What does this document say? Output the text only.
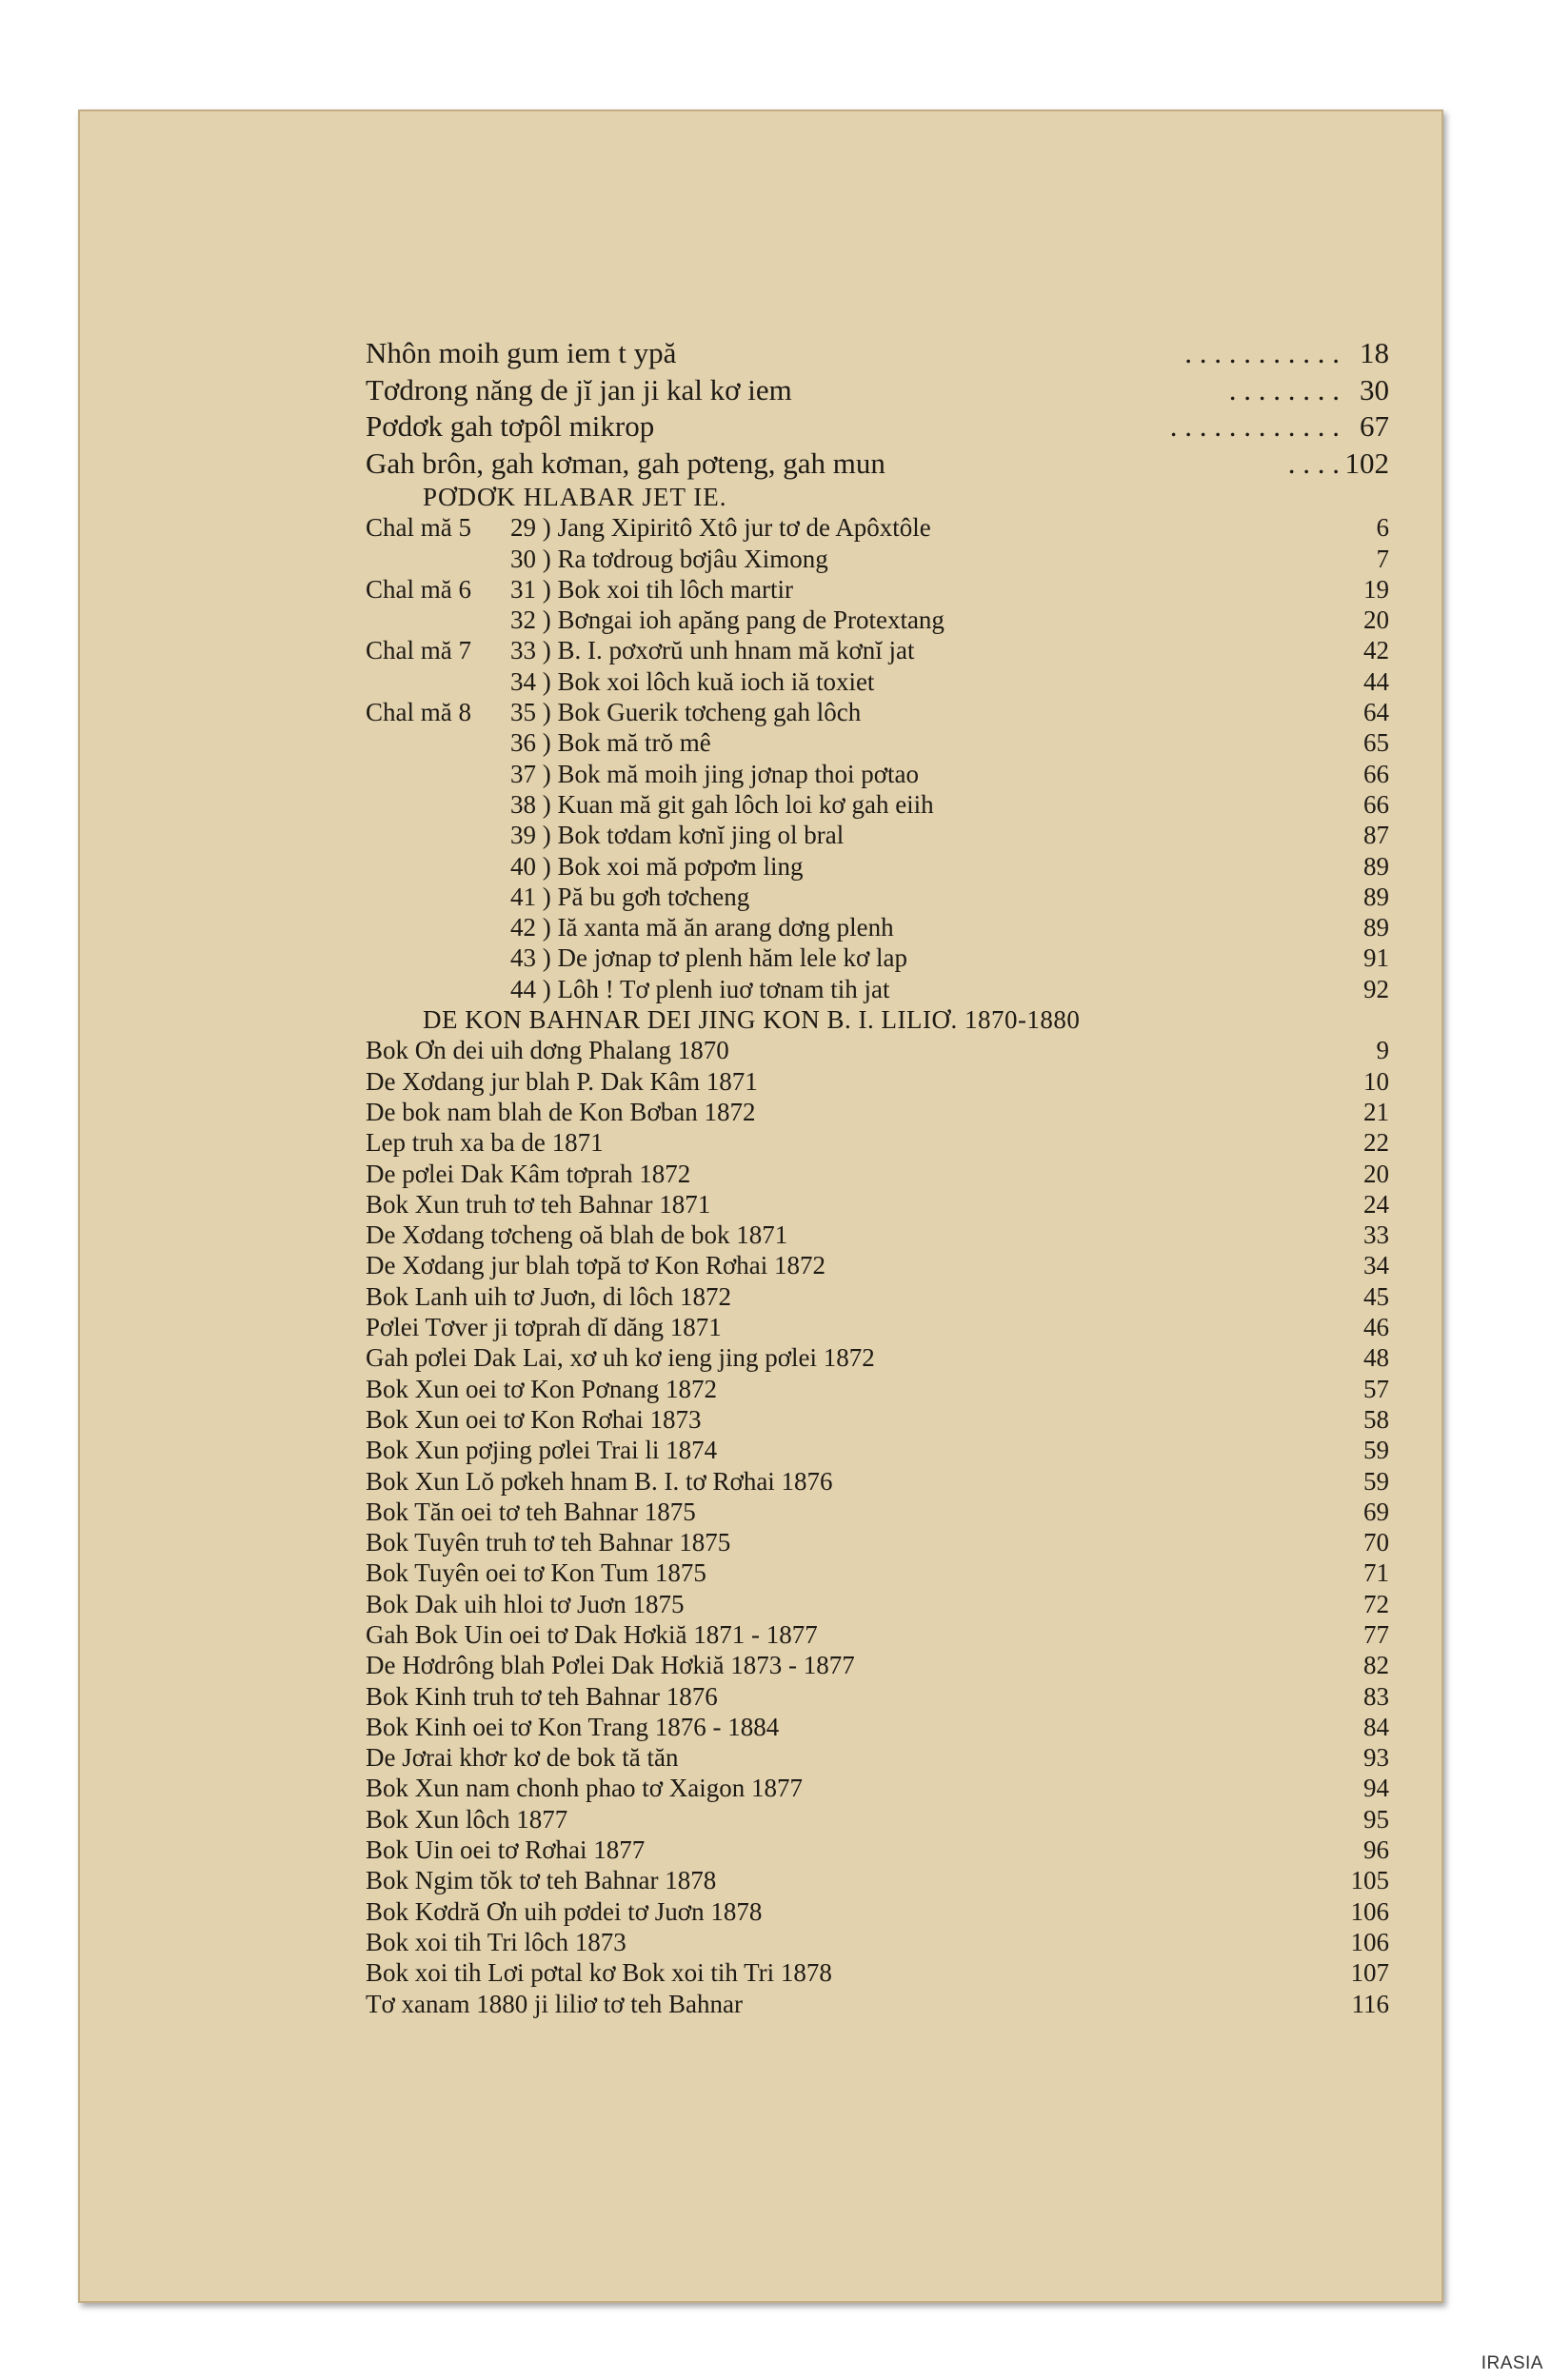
Nhôn moih gum iem t ypă	. . . . . . . . . . . 18
Tơdrong năng de jĭ jan ji kal kơ iem	. . . . . . . . 30
Pơdơk gah tơpôl mikrop	. . . . . . . . . . . . 67
Gah brôn, gah kơman, gah pơteng, gah mun	. . . . 102
PƠDƠK HLABAR JET IE.
Chal mă 5 29 ) Jang Xipiritô Xtô jur tơ de Apôxtôle	6
30 ) Ra tơdroug bơjâu Ximong	7
Chal mă 6 31 ) Bok xoi tih lôch martir	19
32 ) Bơngai ioh apăng pang de Protextang	20
Chal mă 7 33 ) B. I. pơxơrŭ unh hnam mă kơnĭ jat	42
34 ) Bok xoi lôch kuă ioch iă toxiet	44
Chal mă 8 35 ) Bok Guerik tơcheng gah lôch	64
36 ) Bok mă trŏ mê	65
37 ) Bok mă moih jing jơnap thoi pơtao	66
38 ) Kuan mă git gah lôch loi kơ gah eiih	66
39 ) Bok tơdam kơnĭ jing ol bral	87
40 ) Bok xoi mă pơpơm ling	89
41 ) Pă bu gơh tơcheng	89
42 ) Iă xanta mă ăn arang dơng plenh	89
43 ) De jơnap tơ plenh hăm lele kơ lap	91
44 ) Lôh ! Tơ plenh iuơ tơnam tih jat	92
DE KON BAHNAR DEI JING KON B. I. LILIƠ. 1870-1880
Bok Ơn dei uih dơng Phalang 1870	9
De Xơdang jur blah P. Dak Kâm 1871	10
De bok nam blah de Kon Bơban 1872	21
Lep truh xa ba de 1871	22
De pơlei Dak Kâm tơprah 1872	20
Bok Xun truh tơ teh Bahnar 1871	24
De Xơdang tơcheng oă blah de bok 1871	33
De Xơdang jur blah tơpă tơ Kon Rơhai 1872	34
Bok Lanh uih tơ Juơn, di lôch 1872	45
Pơlei Tơver ji tơprah dĭ dăng 1871	46
Gah pơlei Dak Lai, xơ uh kơ ieng jing pơlei 1872	48
Bok Xun oei tơ Kon Pơnang 1872	57
Bok Xun oei tơ Kon Rơhai 1873	58
Bok Xun pơjing pơlei Trai li 1874	59
Bok Xun Lŏ pơkeh hnam B. I. tơ Rơhai 1876	59
Bok Tăn oei tơ teh Bahnar 1875	69
Bok Tuyên truh tơ teh Bahnar 1875	70
Bok Tuyên oei tơ Kon Tum 1875	71
Bok Dak uih hloi tơ Juơn 1875	72
Gah Bok Uin oei tơ Dak Hơkiă 1871 - 1877	77
De Hơdrông blah Pơlei Dak Hơkiă 1873 - 1877	82
Bok Kinh truh tơ teh Bahnar 1876	83
Bok Kinh oei tơ Kon Trang 1876 - 1884	84
De Jơrai khơr kơ de bok tă tăn	93
Bok Xun nam chonh phao tơ Xaigon 1877	94
Bok Xun lôch 1877	95
Bok Uin oei tơ Rơhai 1877	96
Bok Ngim tŏk tơ teh Bahnar 1878	105
Bok Kơdră Ơn uih pơdei tơ Juơn 1878	106
Bok xoi tih Tri lôch 1873	106
Bok xoi tih Lơi pơtal kơ Bok xoi tih Tri 1878	107
Tơ xanam 1880 ji liliơ tơ teh Bahnar	116
IRASIA
